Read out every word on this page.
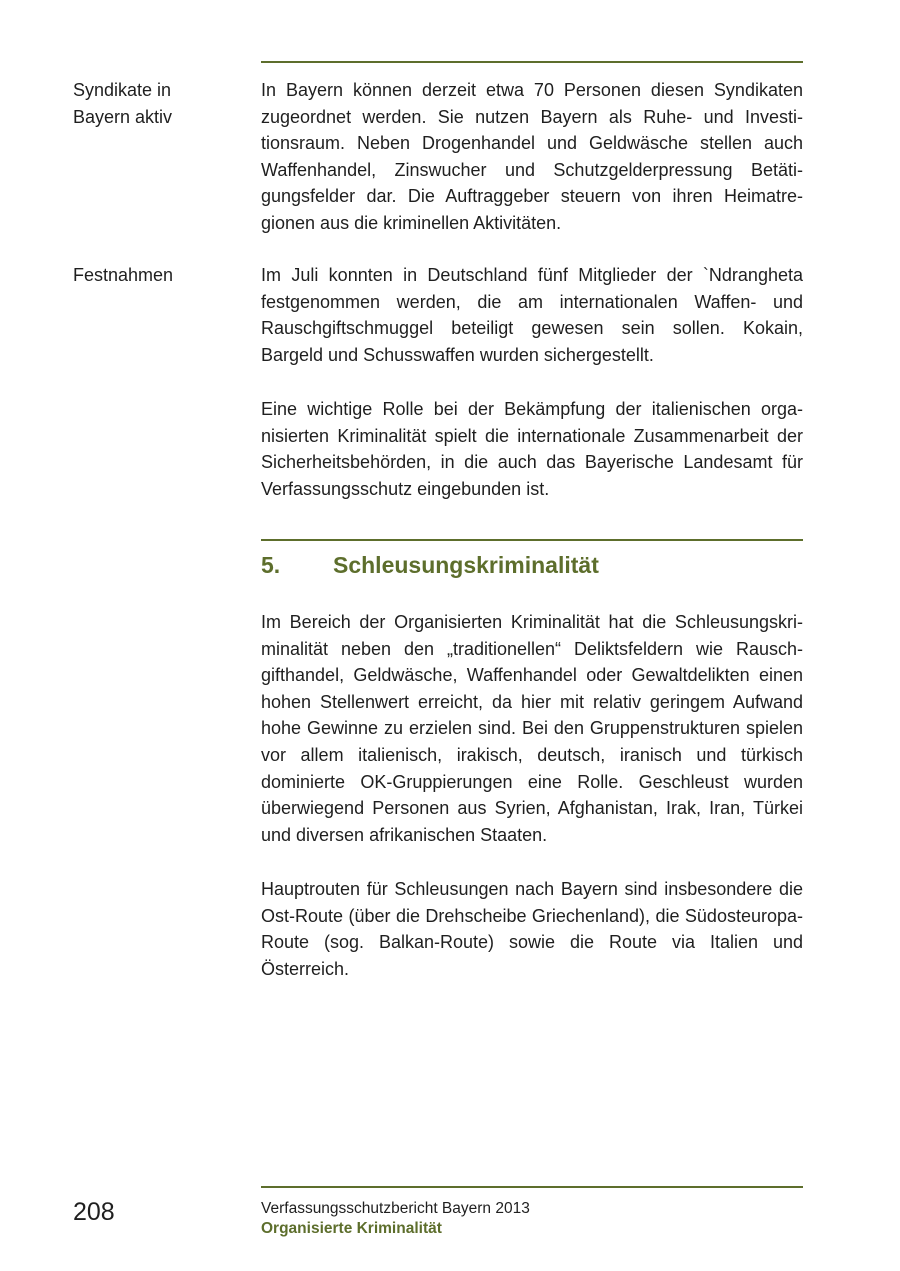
Syndikate in
Bayern aktiv
In Bayern können derzeit etwa 70 Personen diesen Syndikaten zugeordnet werden. Sie nutzen Bayern als Ruhe- und Investitionsraum. Neben Drogenhandel und Geldwäsche stellen auch Waffenhandel, Zinswucher und Schutzgelderpressung Betätigungsfelder dar. Die Auftraggeber steuern von ihren Heimatregionen aus die kriminellen Aktivitäten.
Festnahmen	Im Juli konnten in Deutschland fünf Mitglieder der `Ndrangheta festgenommen werden, die am internationalen Waffen- und Rauschgiftschmuggel beteiligt gewesen sein sollen. Kokain, Bargeld und Schusswaffen wurden sichergestellt.
Eine wichtige Rolle bei der Bekämpfung der italienischen organisierten Kriminalität spielt die internationale Zusammenarbeit der Sicherheitsbehörden, in die auch das Bayerische Landesamt für Verfassungsschutz eingebunden ist.
5. Schleusungskriminalität
Im Bereich der Organisierten Kriminalität hat die Schleusungskriminalität neben den „traditionellen“ Deliktsfeldern wie Rauschgifthandel, Geldwäsche, Waffenhandel oder Gewaltdelikten einen hohen Stellenwert erreicht, da hier mit relativ geringem Aufwand hohe Gewinne zu erzielen sind. Bei den Gruppenstrukturen spielen vor allem italienisch, irakisch, deutsch, iranisch und türkisch dominierte OK-Gruppierungen eine Rolle. Geschleust wurden überwiegend Personen aus Syrien, Afghanistan, Irak, Iran, Türkei und diversen afrikanischen Staaten.
Hauptrouten für Schleusungen nach Bayern sind insbesondere die Ost-Route (über die Drehscheibe Griechenland), die Südosteuropa-Route (sog. Balkan-Route) sowie die Route via Italien und Österreich.
208	Verfassungsschutzbericht Bayern 2013
Organisierte Kriminalität
